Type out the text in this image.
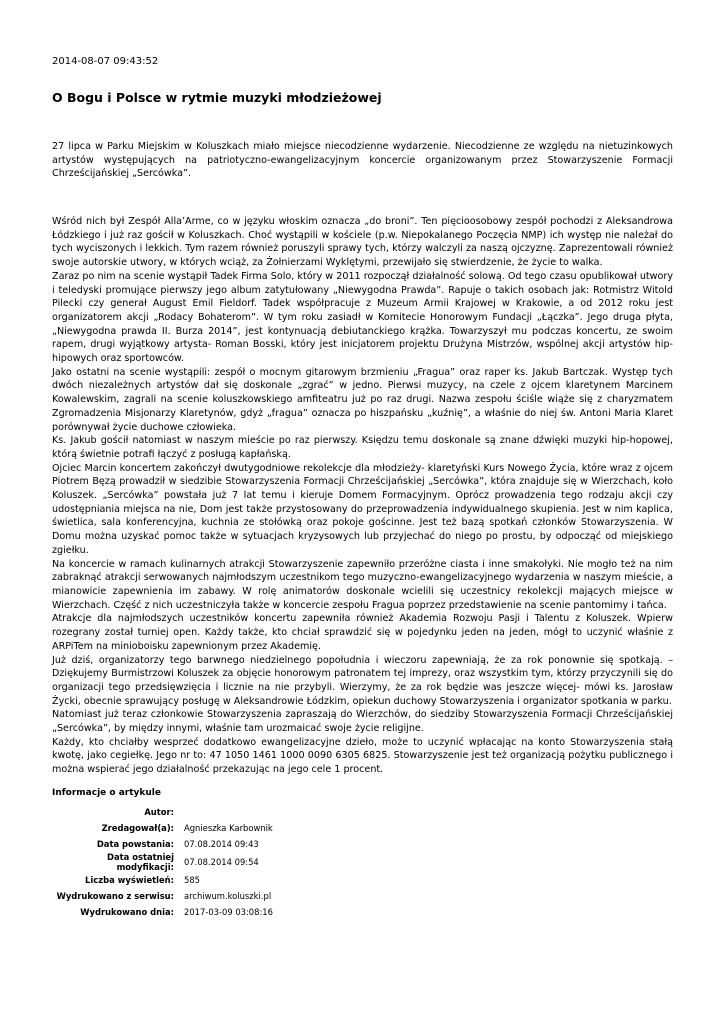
2014-08-07 09:43:52
O Bogu i Polsce w rytmie muzyki młodzieżowej

27 lipca w Parku Miejskim w Koluszkach miało miejsce niecodzienne wydarzenie. Niecodzienne ze względu na nietuzinkowych artystów występujących na patriotyczno-ewangelizacyjnym koncercie organizowanym przez Stowarzyszenie Formacji Chrześcijańskiej „Sercówka”.

Wśród nich był Zespół Alla’Arme, co w języku włoskim oznacza „do broni”. Ten pięcioosobowy zespół pochodzi z Aleksandrowa Łódzkiego i już raz gościł w Koluszkach. Choć wystąpili w kościele (p.w. Niepokalanego Poczęcia NMP) ich występ nie należał do tych wyciszonych i lekkich. Tym razem również poruszyli sprawy tych, którzy walczyli za naszą ojczyznę. Zaprezentowali również swoje autorskie utwory, w których wciąż, za Żołnierzami Wyklętymi, przewijało się stwierdzenie, że życie to walka.

Zaraz po nim na scenie wystąpił Tadek Firma Solo, który w 2011 rozpoczął działalność solową. Od tego czasu opublikował utwory i teledyski promujące pierwszy jego album zatytułowany „Niewygodna Prawda”. Rapuje o takich osobach jak: Rotmistrz Witold Pilecki czy generał August Emil Fieldorf. Tadek współpracuje z Muzeum Armii Krajowej w Krakowie, a od 2012 roku jest organizatorem akcji „Rodacy Bohaterom”. W tym roku zasiadł w Komitecie Honorowym Fundacji „Łączka”. Jego druga płyta, „Niewygodna prawda II. Burza 2014”, jest kontynuacją debiutanckiego krążka. Towarzyszył mu podczas koncertu, ze swoim rapem, drugi wyjątkowy artysta- Roman Bosski, który jest inicjatorem projektu Drużyna Mistrzów, wspólnej akcji artystów hip-hipowych oraz sportowców.

Jako ostatni na scenie wystąpili: zespół o mocnym gitarowym brzmieniu „Fragua” oraz raper ks. Jakub Bartczak. Występ tych dwóch niezależnych artystów dał się doskonale „zgrać” w jedno. Pierwsi muzycy, na czele z ojcem klaretynem Marcinem Kowalewskim, zagrali na scenie koluszkowskiego amfiteatru już po raz drugi. Nazwa zespołu ściśle wiąże się z charyzmatem Zgromadzenia Misjonarzy Klaretynów, gdyż „fragua” oznacza po hiszpańsku „kuźnię”, a właśnie do niej św. Antoni Maria Klaret porównywał życie duchowe człowieka.

Ks. Jakub gościł natomiast w naszym mieście po raz pierwszy. Księdzu temu doskonale są znane dźwięki muzyki hip-hopowej, którą świetnie potrafi łączyć z posługą kapłańską.

Ojciec Marcin koncertem zakończył dwutygodniowe rekolekcje dla młodzieży- klaretyński Kurs Nowego Życia, które wraz z ojcem Piotrem Bęzą prowadził w siedzibie Stowarzyszenia Formacji Chrześcijańskiej „Sercówka”, która znajduje się w Wierzchach, koło Koluszek. „Sercówka” powstała już 7 lat temu i kieruje Domem Formacyjnym. Oprócz prowadzenia tego rodzaju akcji czy udostępniania miejsca na nie, Dom jest także przystosowany do przeprowadzenia indywidualnego skupienia. Jest w nim kaplica, świetlica, sala konferencyjna, kuchnia ze stołówką oraz pokoje gościnne. Jest też bazą spotkań członków Stowarzyszenia. W Domu można uzyskać pomoc także w sytuacjach kryzysowych lub przyjechać do niego po prostu, by odpocząć od miejskiego zgiełku.

Na koncercie w ramach kulinarnych atrakcji Stowarzyszenie zapewniło przeróżne ciasta i inne smakołyki. Nie mogło też na nim zabraknąć atrakcji serwowanych najmłodszym uczestnikom tego muzyczno-ewangelizacyjnego wydarzenia w naszym mieście, a mianowicie zapewnienia im zabawy. W rolę animatorów doskonale wcielili się uczestnicy rekolekcji mających miejsce w Wierzchach. Część z nich uczestniczyła także w koncercie zespołu Fragua poprzez przedstawienie na scenie pantomimy i tańca.

Atrakcje dla najmłodszych uczestników koncertu zapewniła również Akademia Rozwoju Pasji i Talentu z Koluszek. Wpierw rozegrany został turniej open. Każdy także, kto chciał sprawdzić się w pojedynku jeden na jeden, mógł to uczynić właśnie z ARPiTem na minioboisku zapewnionym przez Akademię.

Już dziś, organizatorzy tego barwnego niedzielnego popołudnia i wieczoru zapewniają, że za rok ponownie się spotkają. – Dziękujemy Burmistrzowi Koluszek za objęcie honorowym patronatem tej imprezy, oraz wszystkim tym, którzy przyczynili się do organizacji tego przedsięwzięcia i licznie na nie przybyli. Wierzymy, że za rok będzie was jeszcze więcej- mówi ks. Jarosław Życki, obecnie sprawujący posługę w Aleksandrowie Łódzkim, opiekun duchowy Stowarzyszenia i organizator spotkania w parku.

Natomiast już teraz członkowie Stowarzyszenia zapraszają do Wierzchów, do siedziby Stowarzyszenia Formacji Chrześcijańskiej „Sercówka”, by między innymi, właśnie tam urozmaicać swoje życie religijne.

Każdy, kto chciałby wesprzeć dodatkowo ewangelizacyjne dzieło, może to uczynić wpłacając na konto Stowarzyszenia stałą kwotę, jako cegiełkę. Jego nr to: 47 1050 1461 1000 0090 6305 6825. Stowarzyszenie jest też organizacją pożytku publicznego i można wspierać jego działalność przekazując na jego cele 1 procent.

Informacje o artykule
Autor:	
Zredagował(a):	Agnieszka Karbownik
Data powstania:	07.08.2014 09:43
Data ostatniej modyfikacji:	07.08.2014 09:54
Liczba wyświetleń:	585
Wydrukowano z serwisu:	archiwum.koluszki.pl
Wydrukowano dnia:	2017-03-09 03:08:16
